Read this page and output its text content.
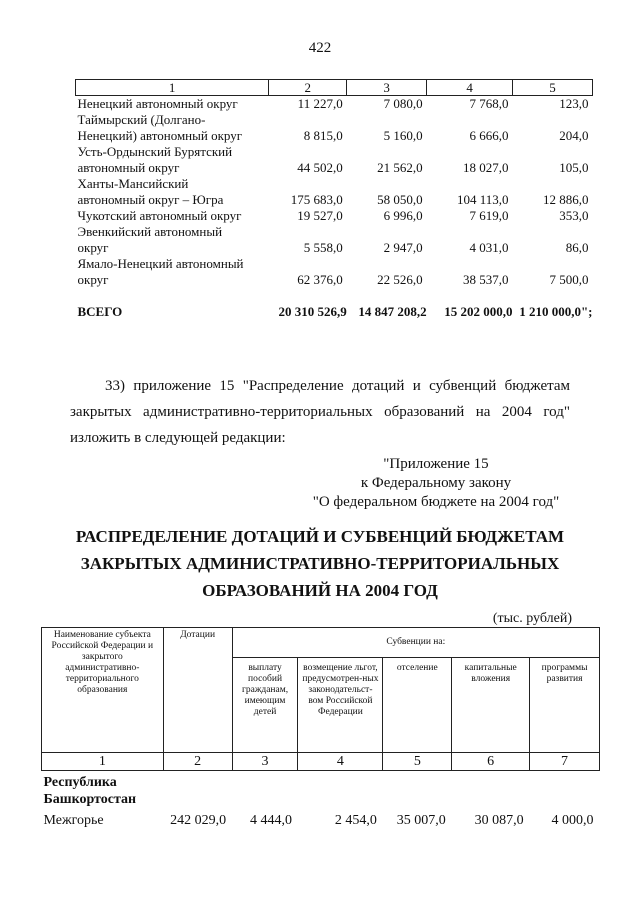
422
1	2	3	4	5
Ненецкий автономный округ	11 227,0	7 080,0	7 768,0	123,0
Таймырский (Долгано-
Ненецкий) автономный округ	8 815,0	5 160,0	6 666,0	204,0
Усть-Ордынский Бурятский
автономный округ	44 502,0	21 562,0	18 027,0	105,0
Ханты-Мансийский
автономный округ – Югра	175 683,0	58 050,0	104 113,0	12 886,0
Чукотский автономный округ	19 527,0	6 996,0	7 619,0	353,0
Эвенкийский автономный
округ	5 558,0	2 947,0	4 031,0	86,0
Ямало-Ненецкий автономный
округ	62 376,0	22 526,0	38 537,0	7 500,0
ВСЕГО	20 310 526,9	14 847 208,2	15 202 000,0	1 210 000,0";
33) приложение 15 "Распределение дотаций и субвенций бюджетам
закрытых административно-территориальных образований на 2004 год"
изложить в следующей редакции:
"Приложение 15
к Федеральному закону
"О федеральном бюджете на 2004 год"
РАСПРЕДЕЛЕНИЕ ДОТАЦИЙ И СУБВЕНЦИЙ БЮДЖЕТАМ
ЗАКРЫТЫХ АДМИНИСТРАТИВНО-ТЕРРИТОРИАЛЬНЫХ
ОБРАЗОВАНИЙ НА 2004 ГОД
(тыс. рублей)
Наименование субъекта Российской Федерации и закрытого административно-территориального образования	Дотации	Субвенции на:				
		выплату пособий гражданам, имеющим детей	возмещение льгот, предусмотрен-ных законодательст-вом Российской Федерации	отселение	капитальные вложения	программы развития
1	2	3	4	5	6	7
Республика
Башкортостан						
Межгорье	242 029,0	4 444,0	2 454,0	35 007,0	30 087,0	4 000,0
